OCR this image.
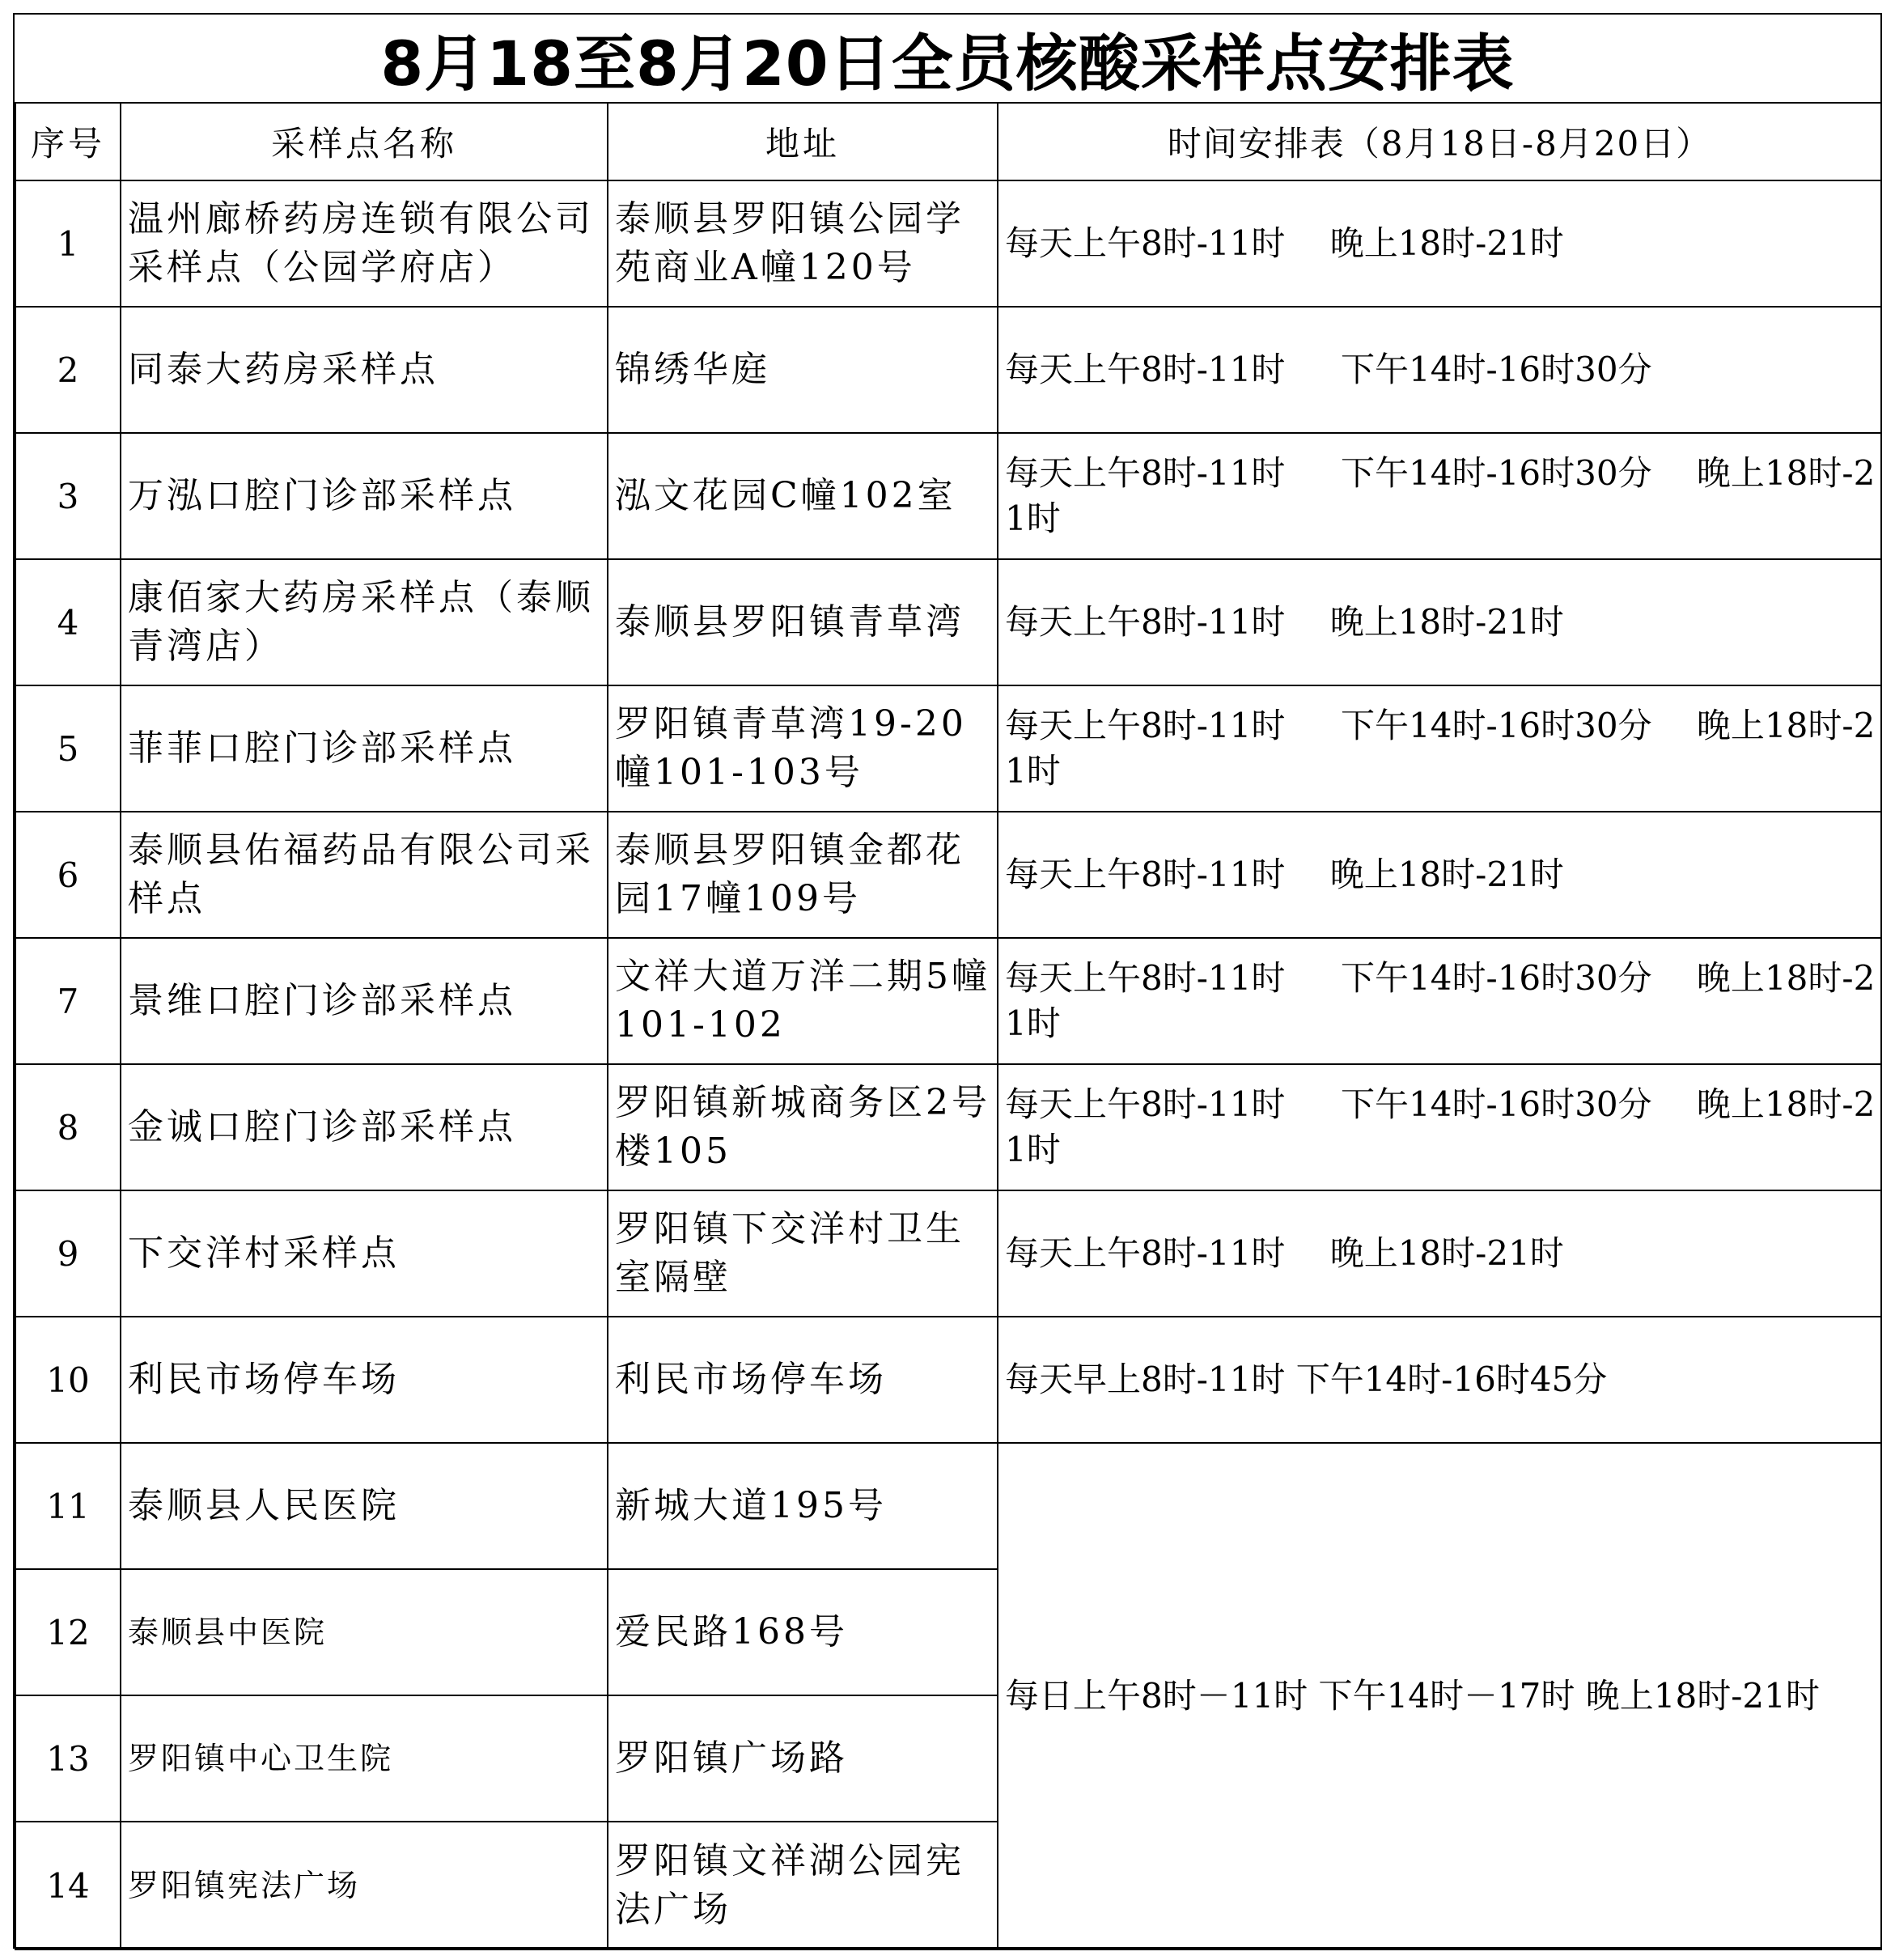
8月18至8月20日全员核酸采样点安排表
序号	采样点名称	地址	时间安排表（8月18日-8月20日）
1	温州廊桥药房连锁有限公司采样点（公园学府店）	泰顺县罗阳镇公园学苑商业A幢120号	每天上午8时-11时　 晚上18时-21时
2	同泰大药房采样点	锦绣华庭	每天上午8时-11时　  下午14时-16时30分
3	万泓口腔门诊部采样点	泓文花园C幢102室	每天上午8时-11时　  下午14时-16时30分　 晚上18时-21时
4	康佰家大药房采样点（泰顺青湾店）	泰顺县罗阳镇青草湾	每天上午8时-11时　 晚上18时-21时
5	菲菲口腔门诊部采样点	罗阳镇青草湾19-20幢101-103号	每天上午8时-11时　  下午14时-16时30分　 晚上18时-21时
6	泰顺县佑福药品有限公司采样点	泰顺县罗阳镇金都花园17幢109号	每天上午8时-11时　 晚上18时-21时
7	景维口腔门诊部采样点	文祥大道万洋二期5幢101-102	每天上午8时-11时　  下午14时-16时30分　 晚上18时-21时
8	金诚口腔门诊部采样点	罗阳镇新城商务区2号楼105	每天上午8时-11时　  下午14时-16时30分　 晚上18时-21时
9	下交洋村采样点	罗阳镇下交洋村卫生室隔壁	每天上午8时-11时　 晚上18时-21时
10	利民市场停车场	利民市场停车场	每天早上8时-11时 下午14时-16时45分
11	泰顺县人民医院	新城大道195号	每日上午8时－11时 下午14时－17时 晚上18时-21时
12	泰顺县中医院	爱民路168号	
13	罗阳镇中心卫生院	罗阳镇广场路	
14	罗阳镇宪法广场	罗阳镇文祥湖公园宪法广场	
